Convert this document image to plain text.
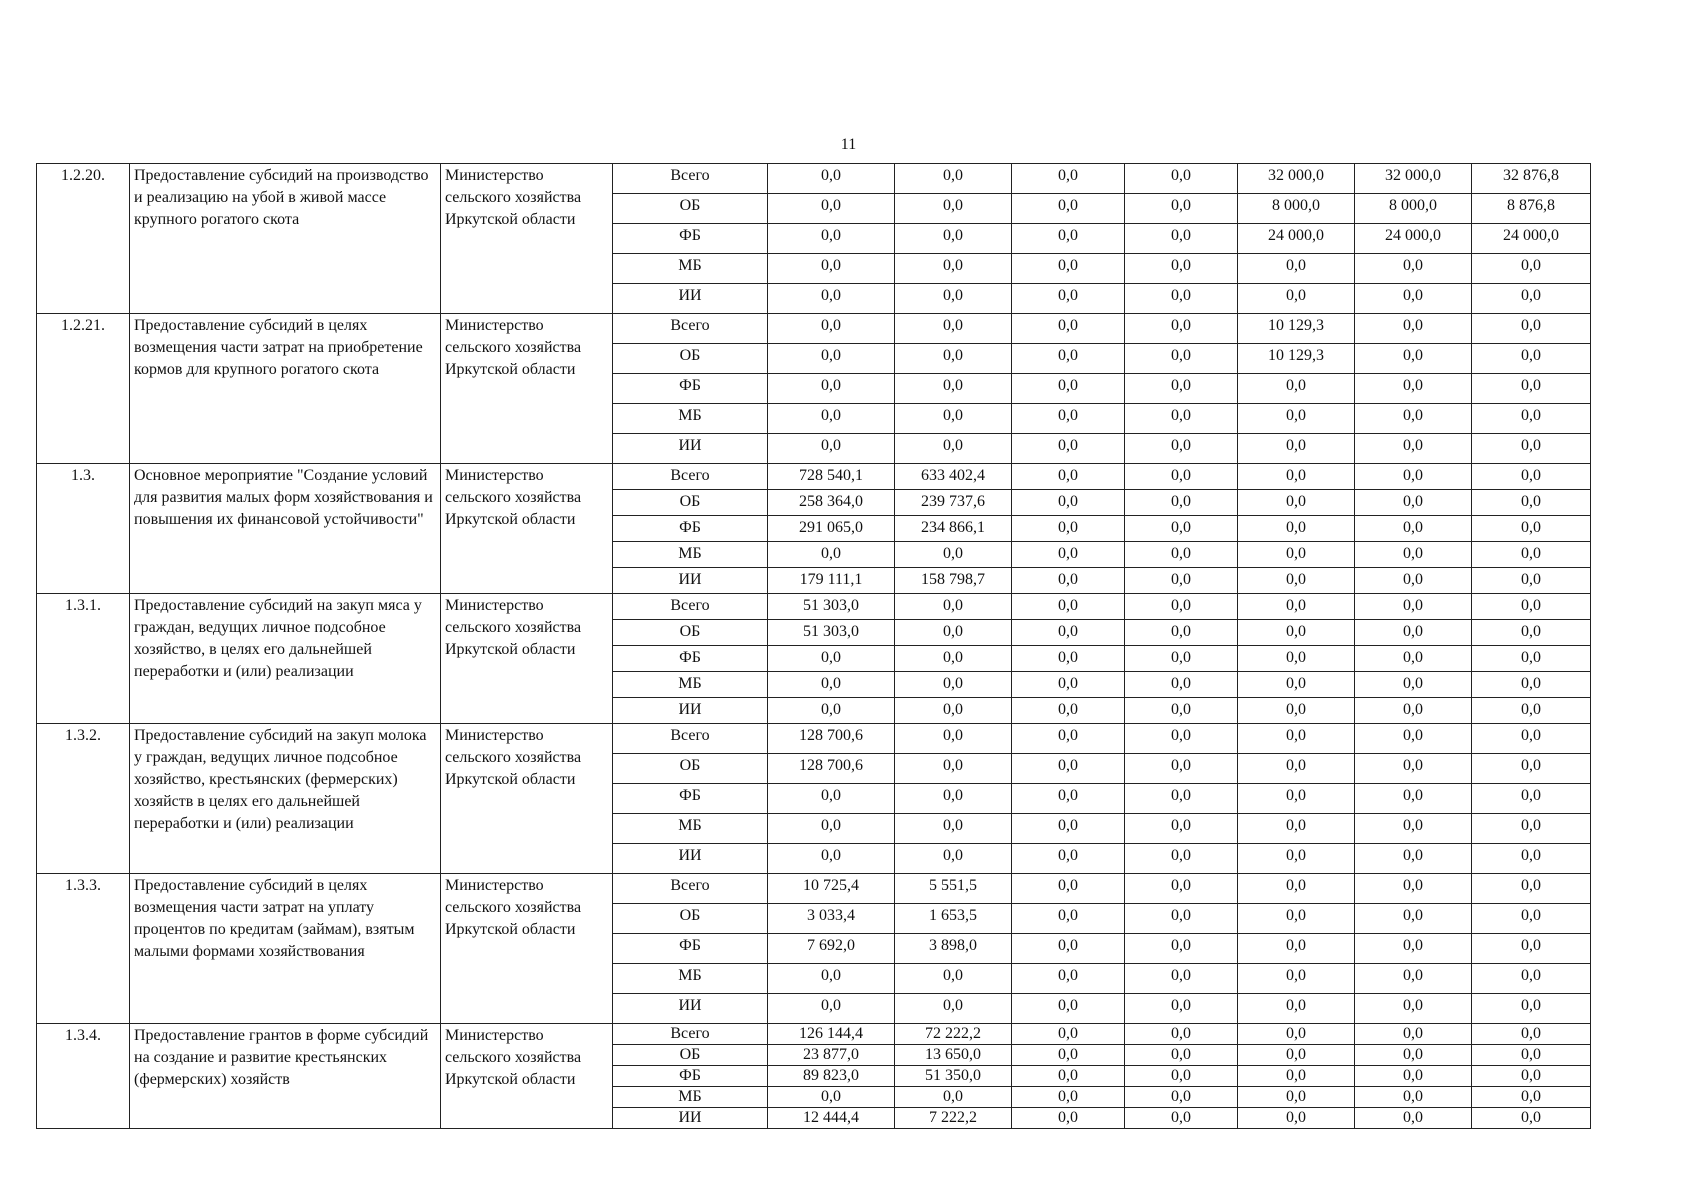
11
1.2.20.	Предоставление субсидий на производство и реализацию на убой в живой массе крупного рогатого скота	Министерство сельского хозяйства Иркутской области	Всего	0,0	0,0	0,0	0,0	32 000,0	32 000,0	32 876,8
			ОБ	0,0	0,0	0,0	0,0	8 000,0	8 000,0	8 876,8
			ФБ	0,0	0,0	0,0	0,0	24 000,0	24 000,0	24 000,0
			МБ	0,0	0,0	0,0	0,0	0,0	0,0	0,0
			ИИ	0,0	0,0	0,0	0,0	0,0	0,0	0,0
1.2.21.	Предоставление субсидий в целях возмещения части затрат на приобретение кормов для крупного рогатого скота	Министерство сельского хозяйства Иркутской области	Всего	0,0	0,0	0,0	0,0	10 129,3	0,0	0,0
			ОБ	0,0	0,0	0,0	0,0	10 129,3	0,0	0,0
			ФБ	0,0	0,0	0,0	0,0	0,0	0,0	0,0
			МБ	0,0	0,0	0,0	0,0	0,0	0,0	0,0
			ИИ	0,0	0,0	0,0	0,0	0,0	0,0	0,0
1.3.	Основное мероприятие "Создание условий для развития малых форм хозяйствования и повышения их финансовой устойчивости"	Министерство сельского хозяйства Иркутской области	Всего	728 540,1	633 402,4	0,0	0,0	0,0	0,0	0,0
			ОБ	258 364,0	239 737,6	0,0	0,0	0,0	0,0	0,0
			ФБ	291 065,0	234 866,1	0,0	0,0	0,0	0,0	0,0
			МБ	0,0	0,0	0,0	0,0	0,0	0,0	0,0
			ИИ	179 111,1	158 798,7	0,0	0,0	0,0	0,0	0,0
1.3.1.	Предоставление субсидий на закуп мяса у граждан, ведущих личное подсобное хозяйство, в целях его дальнейшей переработки и (или) реализации	Министерство сельского хозяйства Иркутской области	Всего	51 303,0	0,0	0,0	0,0	0,0	0,0	0,0
			ОБ	51 303,0	0,0	0,0	0,0	0,0	0,0	0,0
			ФБ	0,0	0,0	0,0	0,0	0,0	0,0	0,0
			МБ	0,0	0,0	0,0	0,0	0,0	0,0	0,0
			ИИ	0,0	0,0	0,0	0,0	0,0	0,0	0,0
1.3.2.	Предоставление субсидий на закуп молока у граждан, ведущих личное подсобное хозяйство, крестьянских (фермерских) хозяйств в целях его дальнейшей переработки и (или) реализации	Министерство сельского хозяйства Иркутской области	Всего	128 700,6	0,0	0,0	0,0	0,0	0,0	0,0
			ОБ	128 700,6	0,0	0,0	0,0	0,0	0,0	0,0
			ФБ	0,0	0,0	0,0	0,0	0,0	0,0	0,0
			МБ	0,0	0,0	0,0	0,0	0,0	0,0	0,0
			ИИ	0,0	0,0	0,0	0,0	0,0	0,0	0,0
1.3.3.	Предоставление субсидий в целях возмещения части затрат на уплату процентов по кредитам (займам), взятым малыми формами хозяйствования	Министерство сельского хозяйства Иркутской области	Всего	10 725,4	5 551,5	0,0	0,0	0,0	0,0	0,0
			ОБ	3 033,4	1 653,5	0,0	0,0	0,0	0,0	0,0
			ФБ	7 692,0	3 898,0	0,0	0,0	0,0	0,0	0,0
			МБ	0,0	0,0	0,0	0,0	0,0	0,0	0,0
			ИИ	0,0	0,0	0,0	0,0	0,0	0,0	0,0
1.3.4.	Предоставление грантов в форме субсидий на создание и развитие крестьянских (фермерских) хозяйств	Министерство сельского хозяйства Иркутской области	Всего	126 144,4	72 222,2	0,0	0,0	0,0	0,0	0,0
			ОБ	23 877,0	13 650,0	0,0	0,0	0,0	0,0	0,0
			ФБ	89 823,0	51 350,0	0,0	0,0	0,0	0,0	0,0
			МБ	0,0	0,0	0,0	0,0	0,0	0,0	0,0
			ИИ	12 444,4	7 222,2	0,0	0,0	0,0	0,0	0,0
